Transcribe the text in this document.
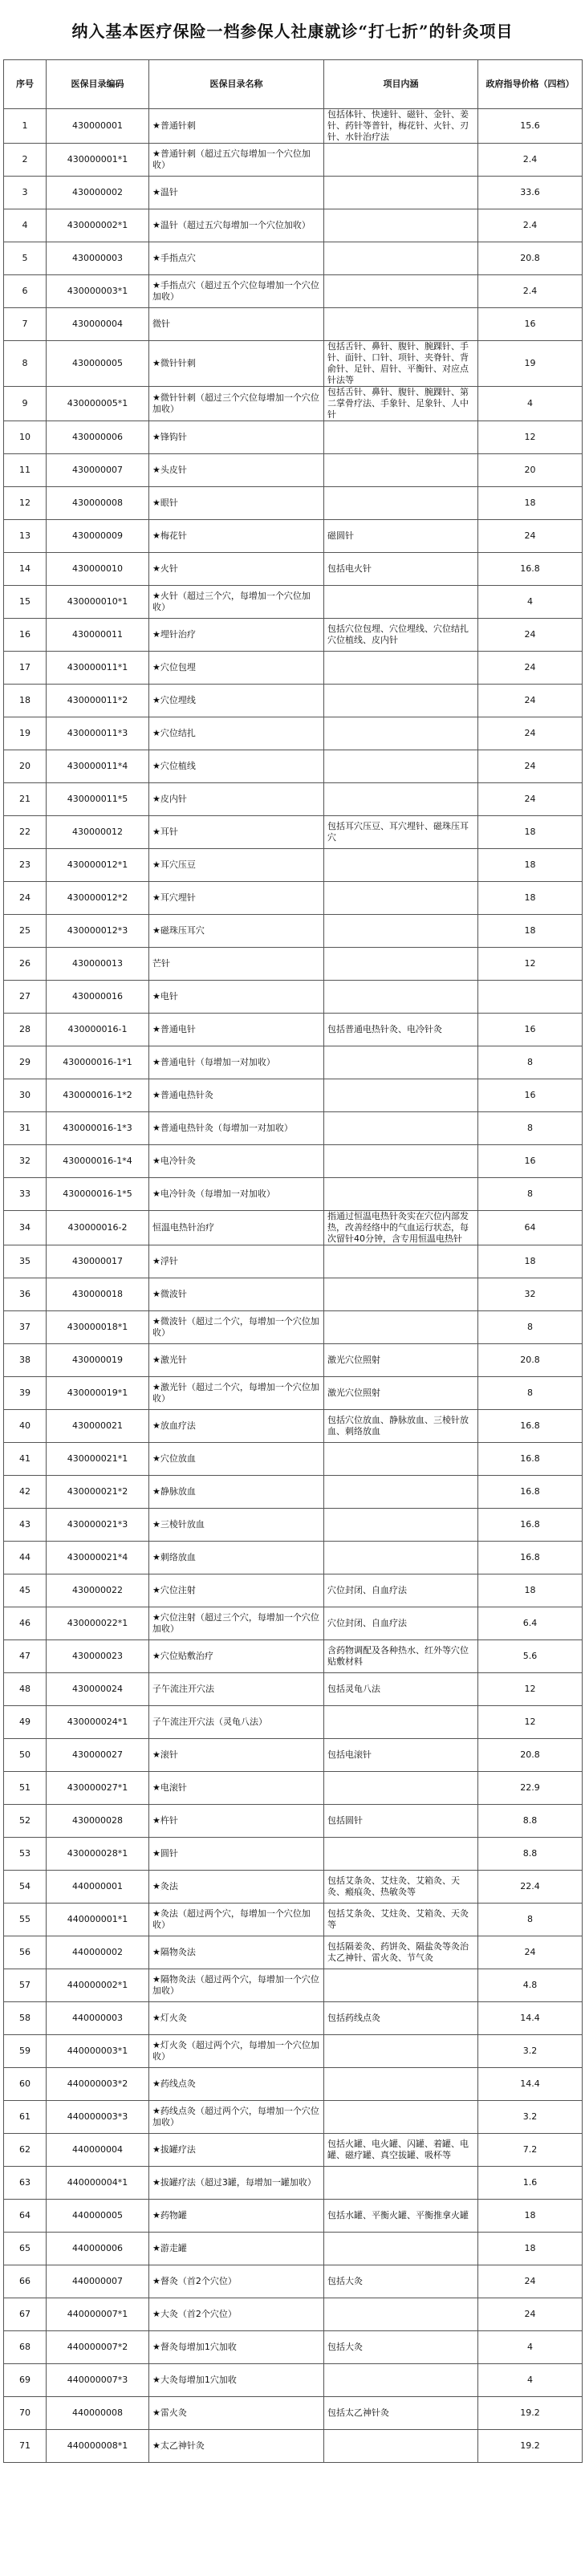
纳入基本医疗保险一档参保人社康就诊“打七折”的针灸项目
序号	医保目录编码	医保目录名称	项目内涵	政府指导价格（四档）
1	430000001	★普通针刺	包括体针、快速针、磁针、金针、姜针、药针等普针，梅花针、火针、刃针、水针治疗法	15.6
2	430000001*1	★普通针刺（超过五穴每增加一个穴位加收）		2.4
3	430000002	★温针		33.6
4	430000002*1	★温针（超过五穴每增加一个穴位加收）		2.4
5	430000003	★手指点穴		20.8
6	430000003*1	★手指点穴（超过五个穴位每增加一个穴位加收）		2.4
7	430000004	微针		16
8	430000005	★微针针刺	包括舌针、鼻针、腹针、腕踝针、手针、面针、口针、项针、夹脊针、背俞针、足针、眉针、平衡针、对应点针法等	19
9	430000005*1	★微针针刺（超过三个穴位每增加一个穴位加收）	包括舌针、鼻针、腹针、腕踝针、第二掌骨疗法、手象针、足象针、人中针	4
10	430000006	★锋钩针		12
11	430000007	★头皮针		20
12	430000008	★眼针		18
13	430000009	★梅花针	磁圆针	24
14	430000010	★火针	包括电火针	16.8
15	430000010*1	★火针（超过三个穴，每增加一个穴位加收）		4
16	430000011	★埋针治疗	包括穴位包埋、穴位埋线、穴位结扎穴位植线、皮内针	24
17	430000011*1	★穴位包埋		24
18	430000011*2	★穴位埋线		24
19	430000011*3	★穴位结扎		24
20	430000011*4	★穴位植线		24
21	430000011*5	★皮内针		24
22	430000012	★耳针	包括耳穴压豆、耳穴埋针、磁珠压耳穴	18
23	430000012*1	★耳穴压豆		18
24	430000012*2	★耳穴埋针		18
25	430000012*3	★磁珠压耳穴		18
26	430000013	芒针		12
27	430000016	★电针		
28	430000016-1	★普通电针	包括普通电热针灸、电冷针灸	16
29	430000016-1*1	★普通电针（每增加一对加收）		8
30	430000016-1*2	★普通电热针灸		16
31	430000016-1*3	★普通电热针灸（每增加一对加收）		8
32	430000016-1*4	★电冷针灸		16
33	430000016-1*5	★电冷针灸（每增加一对加收）		8
34	430000016-2	恒温电热针治疗	指通过恒温电热针灸实在穴位内部发热，改善经络中的气血运行状态，每次留针40分钟，含专用恒温电热针	64
35	430000017	★浮针		18
36	430000018	★微波针		32
37	430000018*1	★微波针（超过二个穴，每增加一个穴位加收）		8
38	430000019	★激光针	激光穴位照射	20.8
39	430000019*1	★激光针（超过二个穴，每增加一个穴位加收）	激光穴位照射	8
40	430000021	★放血疗法	包括穴位放血、静脉放血、三棱针放血、刺络放血	16.8
41	430000021*1	★穴位放血		16.8
42	430000021*2	★静脉放血		16.8
43	430000021*3	★三棱针放血		16.8
44	430000021*4	★刺络放血		16.8
45	430000022	★穴位注射	穴位封闭、自血疗法	18
46	430000022*1	★穴位注射（超过三个穴，每增加一个穴位加收）	穴位封闭、自血疗法	6.4
47	430000023	★穴位贴敷治疗	含药物调配及各种热水、红外等穴位贴敷材料	5.6
48	430000024	子午流注开穴法	包括灵龟八法	12
49	430000024*1	子午流注开穴法（灵龟八法）		12
50	430000027	★滚针	包括电滚针	20.8
51	430000027*1	★电滚针		22.9
52	430000028	★杵针	包括圆针	8.8
53	430000028*1	★圆针		8.8
54	440000001	★灸法	包括艾条灸、艾炷灸、艾箱灸、天灸、瘢痕灸、热敏灸等	22.4
55	440000001*1	★灸法（超过两个穴，每增加一个穴位加收）	包括艾条灸、艾炷灸、艾箱灸、天灸等	8
56	440000002	★隔物灸法	包括隔姜灸、药饼灸、隔盐灸等灸治太乙神针、雷火灸、节气灸	24
57	440000002*1	★隔物灸法（超过两个穴，每增加一个穴位加收）		4.8
58	440000003	★灯火灸	包括药线点灸	14.4
59	440000003*1	★灯火灸（超过两个穴，每增加一个穴位加收）		3.2
60	440000003*2	★药线点灸		14.4
61	440000003*3	★药线点灸（超过两个穴，每增加一个穴位加收）		3.2
62	440000004	★拔罐疗法	包括火罐、电火罐、闪罐、着罐、电罐、磁疗罐、真空拔罐、吸杯等	7.2
63	440000004*1	★拔罐疗法（超过3罐，每增加一罐加收）		1.6
64	440000005	★药物罐	包括水罐、平衡火罐、平衡推拿火罐	18
65	440000006	★游走罐		18
66	440000007	★督灸（首2个穴位）	包括大灸	24
67	440000007*1	★大灸（首2个穴位）		24
68	440000007*2	★督灸每增加1穴加收	包括大灸	4
69	440000007*3	★大灸每增加1穴加收		4
70	440000008	★雷火灸	包括太乙神针灸	19.2
71	440000008*1	★太乙神针灸		19.2
